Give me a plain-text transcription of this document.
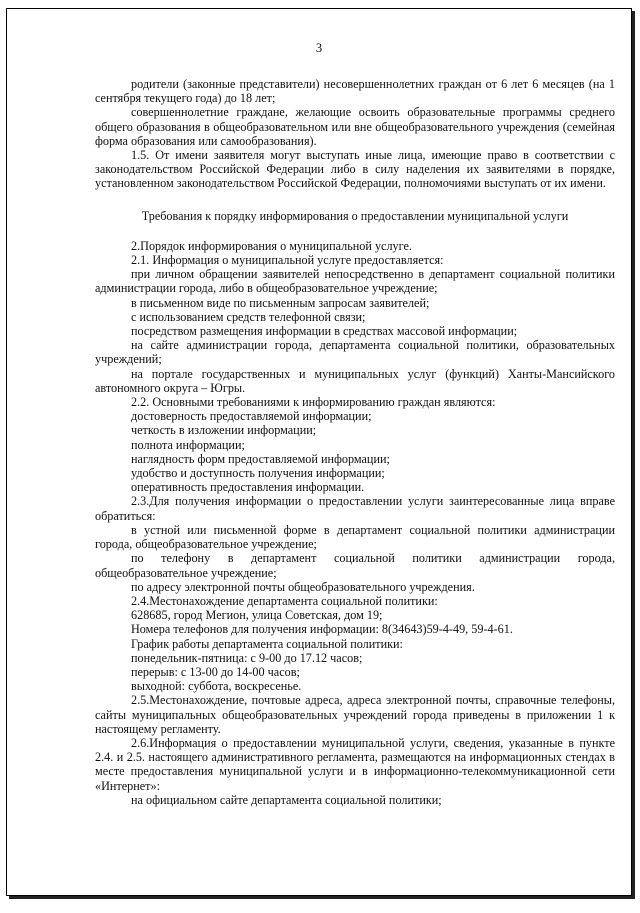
3

родители (законные представители) несовершеннолетних граждан от 6 лет 6 месяцев (на 1 сентября текущего года) до 18 лет;

совершеннолетние граждане, желающие освоить образовательные программы среднего общего образования в общеобразовательном или вне общеобразовательного учреждения (семейная форма образования или самообразования).

1.5. От имени заявителя могут выступать иные лица, имеющие право в соответствии с законодательством Российской Федерации либо в силу наделения их заявителями в порядке, установленном законодательством Российской Федерации, полномочиями выступать от их имени.

Требования к порядку информирования о предоставлении муниципальной услуги

2.Порядок информирования о муниципальной услуге.

2.1. Информация о муниципальной услуге предоставляется:

при личном обращении заявителей непосредственно в департамент социальной политики администрации города, либо в общеобразовательное учреждение;

в письменном виде по письменным запросам заявителей;

с использованием средств телефонной связи;

посредством размещения информации в средствах массовой информации;

на сайте администрации города, департамента социальной политики, образовательных учреждений;

на портале государственных и муниципальных услуг (функций) Ханты-Мансийского автономного округа – Югры.

2.2. Основными требованиями к информированию граждан являются:

достоверность предоставляемой информации;

четкость в изложении информации;

полнота информации;

наглядность форм предоставляемой информации;

удобство и доступность получения информации;

оперативность предоставления информации.

2.3.Для получения информации о предоставлении услуги заинтересованные лица вправе обратиться:

в устной или письменной форме в департамент социальной политики администрации города, общеобразовательное учреждение;

по телефону в департамент социальной политики администрации города, общеобразовательное учреждение;

по адресу электронной почты общеобразовательного учреждения.

2.4.Местонахождение департамента социальной политики:

628685, город Мегион, улица Советская, дом 19;

Номера телефонов для получения информации: 8(34643)59-4-49, 59-4-61.

График работы департамента социальной политики:

понедельник-пятница: с 9-00 до 17.12 часов;

перерыв: с 13-00 до 14-00 часов;

выходной: суббота, воскресенье.

2.5.Местонахождение, почтовые адреса, адреса электронной почты, справочные телефоны, сайты муниципальных общеобразовательных учреждений города приведены в приложении 1 к настоящему регламенту.

2.6.Информация о предоставлении муниципальной услуги, сведения, указанные в пункте 2.4. и 2.5. настоящего административного регламента, размещаются на информационных стендах в месте предоставления муниципальной услуги и в информационно-телекоммуникационной сети «Интернет»:

на официальном сайте департамента социальной политики;
